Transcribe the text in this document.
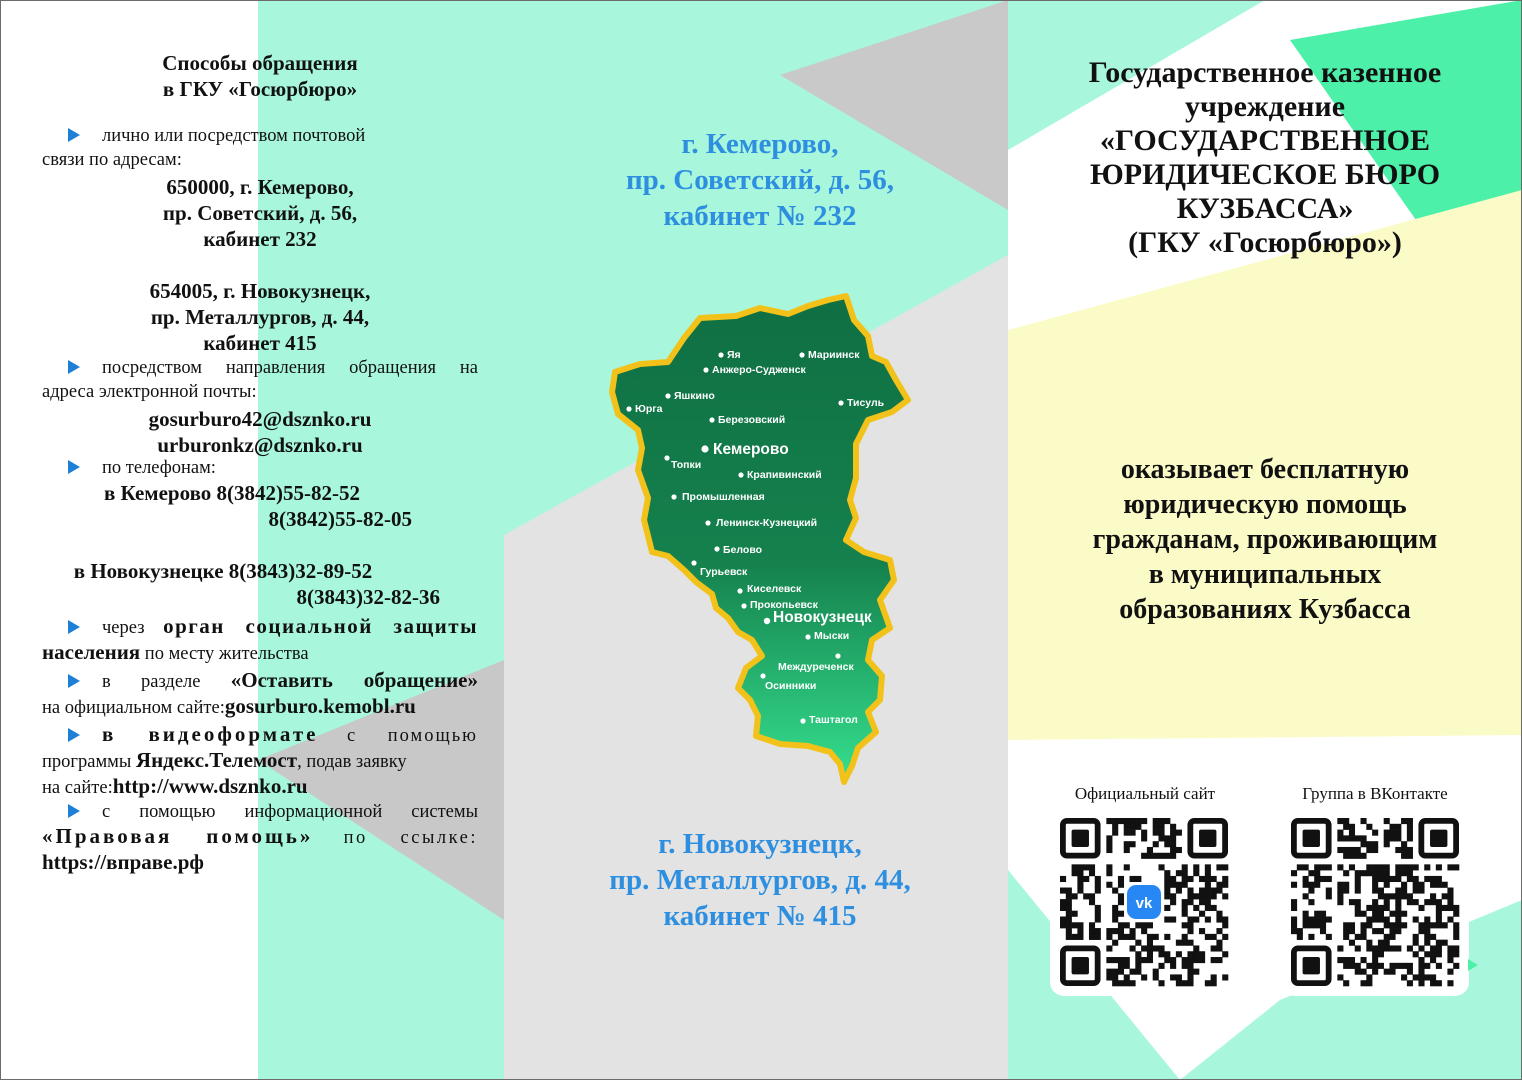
Способы обращения
в ГКУ «Госюрбюро»
лично или посредством почтовой
связи по адресам:
650000, г. Кемерово,
пр. Советский, д. 56,
кабинет 232
654005, г. Новокузнецк,
пр. Металлургов, д. 44,
кабинет 415
посредством направления обращения на
адреса электронной почты:
gosurburo42@dsznko.ru
urburonkz@dsznko.ru
по телефонам:
в Кемерово 8(3842)55-82-52
8(3842)55-82-05
в Новокузнецке 8(3843)32-89-52
8(3843)32-82-36
через орган социальной защиты
населения по месту жительства
в разделе «Оставить обращение»
на официальном сайте:gosurburo.kemobl.ru
в видеоформате с помощью
программы Яндекс.Телемост, подав заявку
на сайте:http://www.dsznko.ru
с помощью информационной системы
«Правовая помощь» по ссылке:
https://вправе.рф
г. Кемерово,
пр. Советский, д. 56,
кабинет № 232
Яя	Мариинск
Анжеро-Судженск
Яшкино
Юрга	Тисуль
Березовский
Кемерово
Топки
Крапивинский
Промышленная
Ленинск-Кузнецкий
Белово
Гурьевск
Киселевск
Прокопьевск
Новокузнецк
Мыски
Междуреченск
Осинники
Таштагол
г. Новокузнецк,
пр. Металлургов, д. 44,
кабинет № 415
Государственное казенное
учреждение
«ГОСУДАРСТВЕННОЕ
ЮРИДИЧЕСКОЕ БЮРО
КУЗБАССА»
(ГКУ «Госюрбюро»)
оказывает бесплатную
юридическую помощь
гражданам, проживающим
в муниципальных
образованиях Кузбасса
Официальный сайт	Группа в ВКонтакте
vk
